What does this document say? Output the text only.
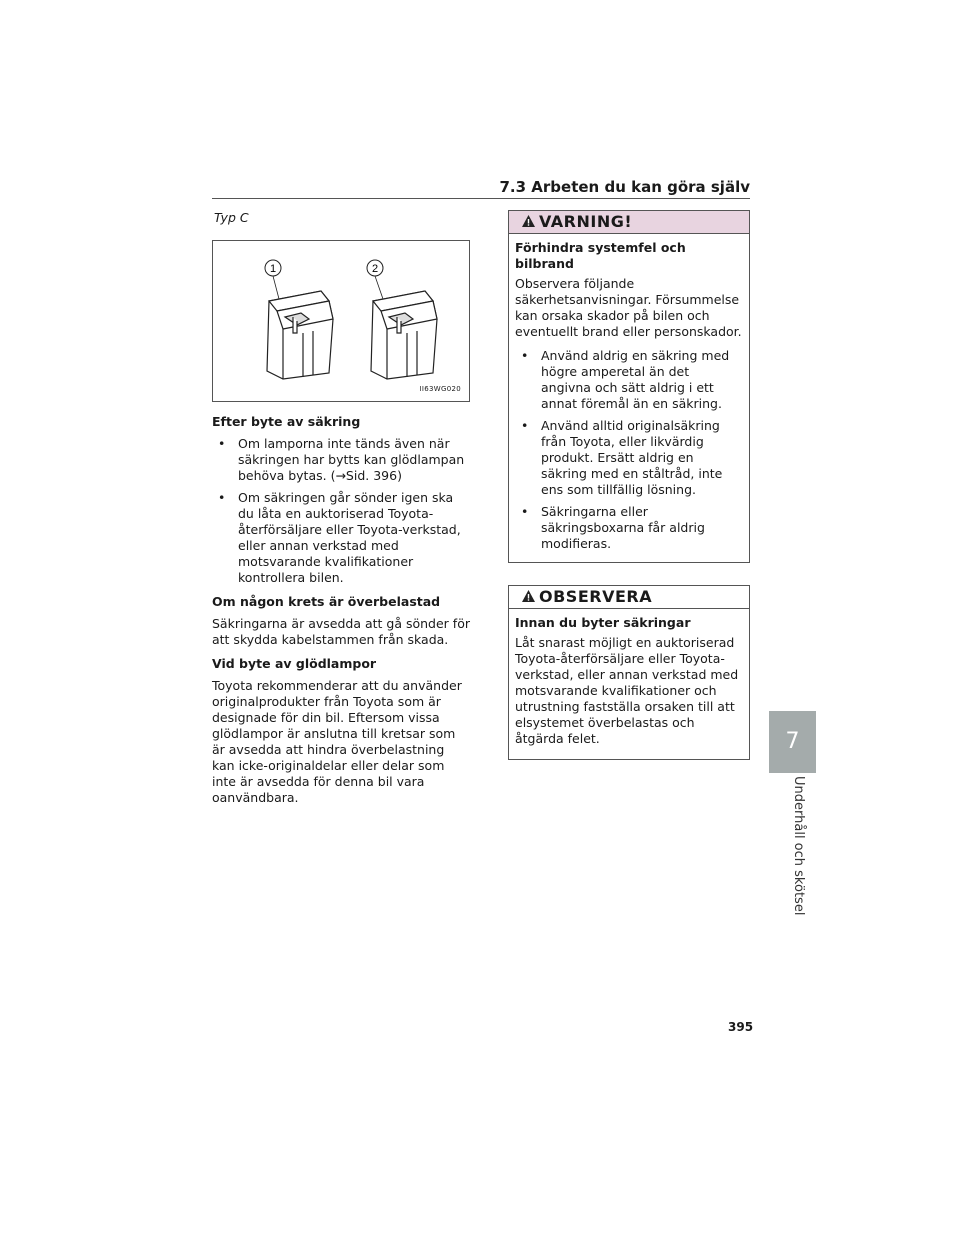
7.3 Arbeten du kan göra själv
Typ C
1	2
II63WG020
Efter byte av säkring
• Om lamporna inte tänds även när säkringen har bytts kan glödlampan behöva bytas. (→Sid. 396)
• Om säkringen går sönder igen ska du låta en auktoriserad Toyota-återförsäljare eller Toyota-verkstad, eller annan verkstad med motsvarande kvalifikationer kontrollera bilen.
Om någon krets är överbelastad

Säkringarna är avsedda att gå sönder för att skydda kabelstammen från skada.

Vid byte av glödlampor

Toyota rekommenderar att du använder originalprodukter från Toyota som är designade för din bil. Eftersom vissa glödlampor är anslutna till kretsar som är avsedda att hindra överbelastning kan icke-originaldelar eller delar som inte är avsedda för denna bil vara oanvändbara.

VARNING!
Förhindra systemfel och bilbrand

Observera följande säkerhetsanvisningar. Försummelse kan orsaka skador på bilen och eventuellt brand eller personskador.

• Använd aldrig en säkring med högre amperetal än det angivna och sätt aldrig i ett annat föremål än en säkring.
• Använd alltid originalsäkring från Toyota, eller likvärdig produkt. Ersätt aldrig en säkring med en ståltråd, inte ens som tillfällig lösning.
• Säkringarna eller säkringsboxarna får aldrig modifieras.
OBSERVERA
Innan du byter säkringar

Låt snarast möjligt en auktoriserad Toyota-återförsäljare eller Toyota-verkstad, eller annan verkstad med motsvarande kvalifikationer och utrustning fastställa orsaken till att elsystemet överbelastas och åtgärda felet.	7
Underhåll och skötsel
395
